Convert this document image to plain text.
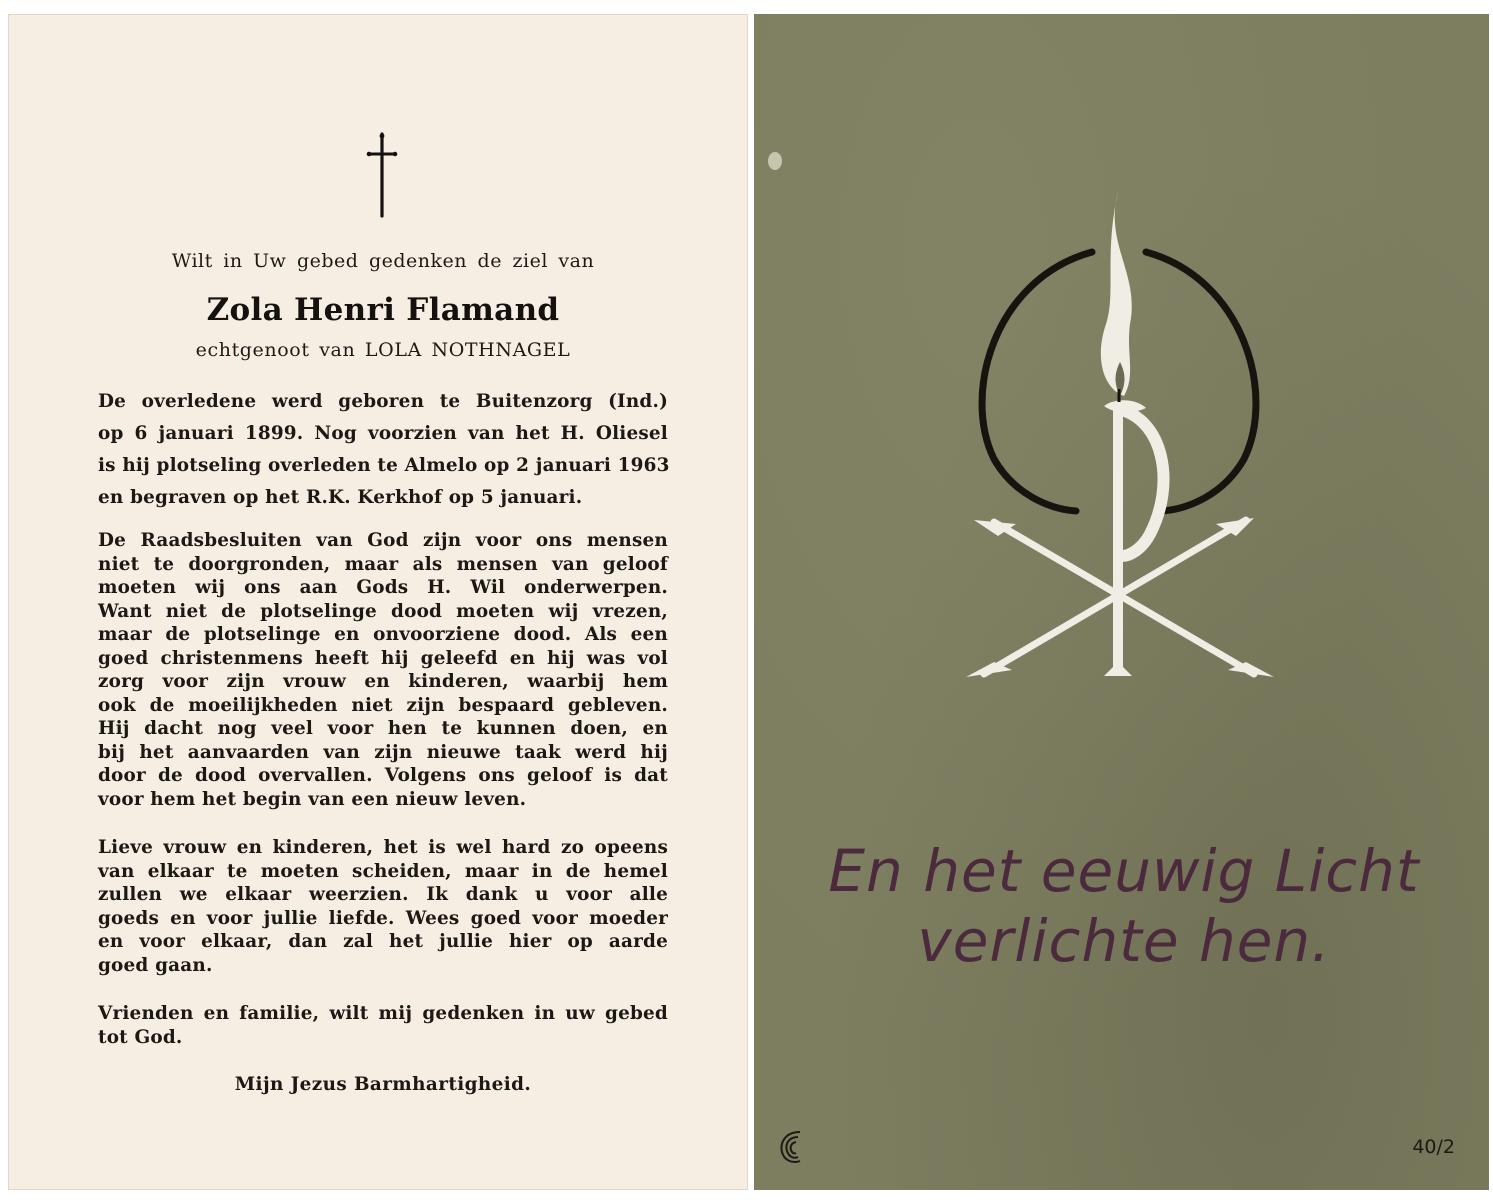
Wilt in Uw gebed gedenken de ziel van
Zola Henri Flamand
echtgenoot van LOLA NOTHNAGEL
De overledene werd geboren te Buitenzorg (Ind.)
op 6 januari 1899. Nog voorzien van het H. Oliesel
is hij plotseling overleden te Almelo op 2 januari 1963
en begraven op het R.K. Kerkhof op 5 januari.
De Raadsbesluiten van God zijn voor ons mensen
niet te doorgronden, maar als mensen van geloof
moeten wij ons aan Gods H. Wil onderwerpen.
Want niet de plotselinge dood moeten wij vrezen,
maar de plotselinge en onvoorziene dood. Als een
goed christenmens heeft hij geleefd en hij was vol
zorg voor zijn vrouw en kinderen, waarbij hem
ook de moeilijkheden niet zijn bespaard gebleven.
Hij dacht nog veel voor hen te kunnen doen, en
bij het aanvaarden van zijn nieuwe taak werd hij
door de dood overvallen. Volgens ons geloof is dat
voor hem het begin van een nieuw leven.
Lieve vrouw en kinderen, het is wel hard zo opeens
van elkaar te moeten scheiden, maar in de hemel
zullen we elkaar weerzien. Ik dank u voor alle
goeds en voor jullie liefde. Wees goed voor moeder
en voor elkaar, dan zal het jullie hier op aarde
goed gaan.
Vrienden en familie, wilt mij gedenken in uw gebed
tot God.
Mijn Jezus Barmhartigheid.
En het eeuwig Licht
verlichte hen.
40/2
